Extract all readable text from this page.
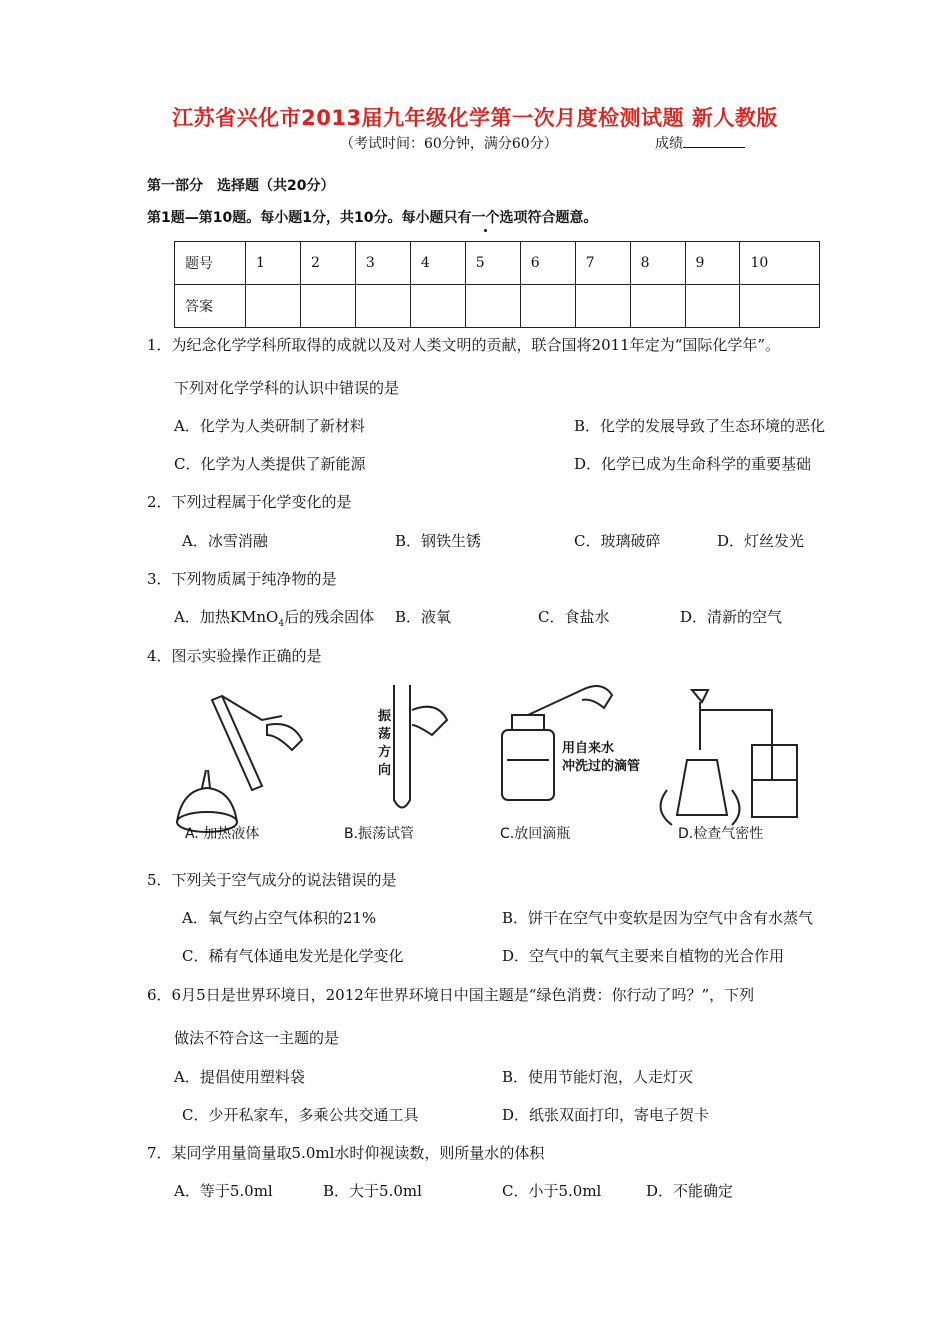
江苏省兴化市2013届九年级化学第一次月度检测试题 新人教版
（考试时间：60分钟，满分60分）	成绩
第一部分　选择题（共20分）
第1题—第10题。每小题1分，共10分。每小题只有一个选项符合题意。
题号	1	2	3	4	5	6	7	8	9	10
答案										
1．为纪念化学学科所取得的成就以及对人类文明的贡献，联合国将2011年定为“国际化学年”。
下列对化学学科的认识中错误的是
A．化学为人类研制了新材料	B．化学的发展导致了生态环境的恶化
C．化学为人类提供了新能源	D．化学已成为生命科学的重要基础
2．下列过程属于化学变化的是
A．冰雪消融	B．钢铁生锈	C．玻璃破碎	D．灯丝发光
3．下列物质属于纯净物的是
A．加热KMnO$_4$后的残余固体 B．液氧	C．食盐水	D．清新的空气
4．图示实验操作正确的是
振荡方向
用自来水
冲洗过的滴管
A. 加热液体	B.振荡试管	C.放回滴瓶	D.检查气密性
5．下列关于空气成分的说法错误的是
A．氧气约占空气体积的21%	B．饼干在空气中变软是因为空气中含有水蒸气
C．稀有气体通电发光是化学变化	D．空气中的氧气主要来自植物的光合作用
6．6月5日是世界环境日，2012年世界环境日中国主题是“绿色消费：你行动了吗？”，下列
做法不符合这一主题的是
A．提倡使用塑料袋	B．使用节能灯泡，人走灯灭
C．少开私家车，多乘公共交通工具	D．纸张双面打印，寄电子贺卡
7．某同学用量筒量取5.0ml水时仰视读数，则所量水的体积
A．等于5.0ml	B．大于5.0ml	C．小于5.0ml	D．不能确定
